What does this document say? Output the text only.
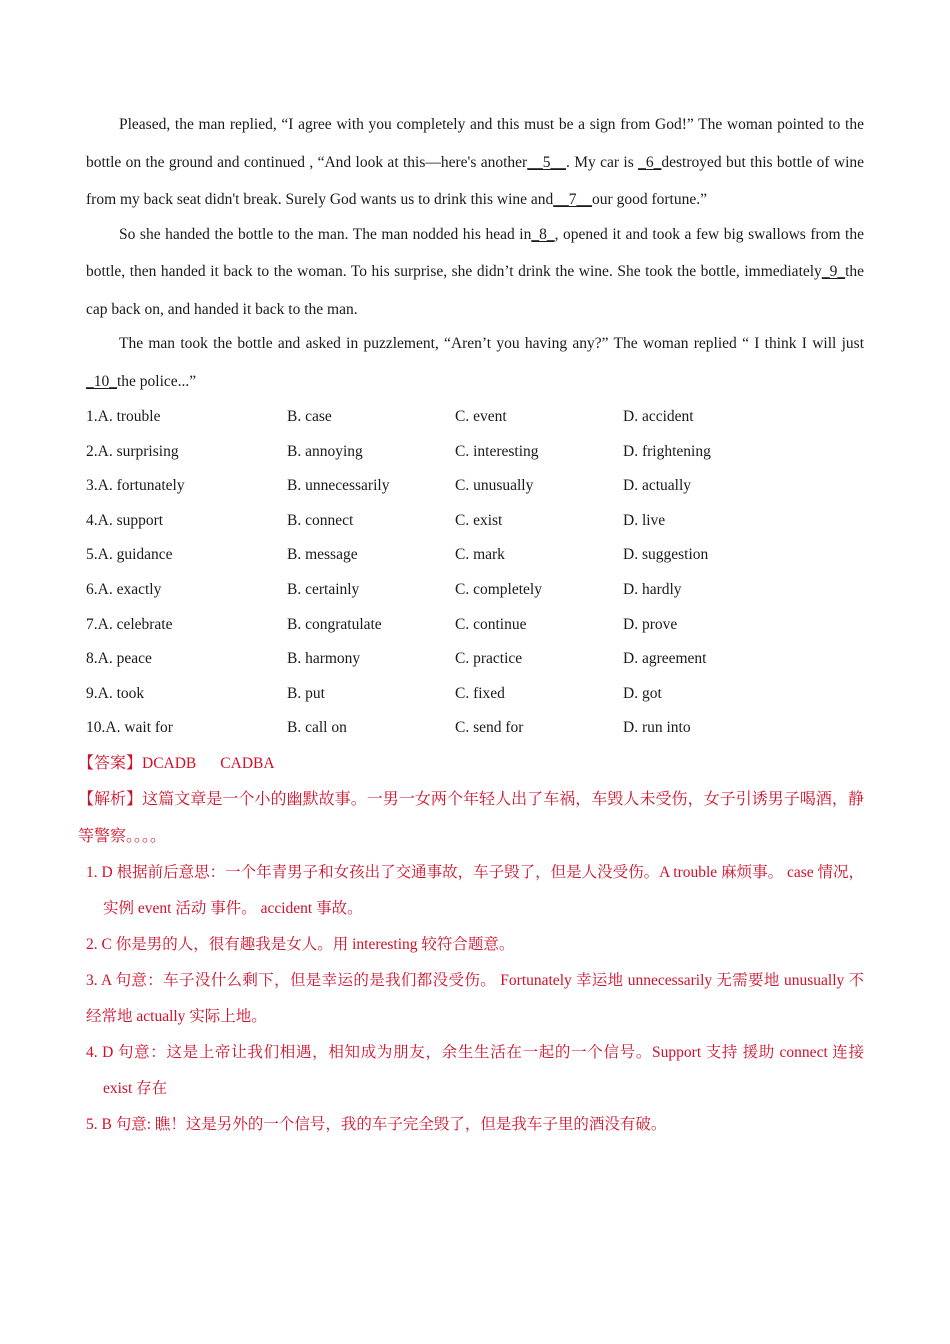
Pleased, the man replied, “I agree with you completely and this must be a sign from God!” The woman pointed to the bottle on the ground and continued , “And look at this—here's another__5__. My car is _6_destroyed but this bottle of wine from my back seat didn't break. Surely God wants us to drink this wine and__7__our good fortune.”

So she handed the bottle to the man. The man nodded his head in_8_, opened it and took a few big swallows from the bottle, then handed it back to the woman. To his surprise, she didn’t drink the wine. She took the bottle, immediately_9_the cap back on, and handed it back to the man.

The man took the bottle and asked in puzzlement, “Aren’t you having any?” The woman replied “ I think I will just _10_the police...”

1.A. trouble	B. case	C. event	D. accident
2.A. surprising	B. annoying	C. interesting	D. frightening
3.A. fortunately	B. unnecessarily	C. unusually	D. actually
4.A. support	B. connect	C. exist	D. live
5.A. guidance	B. message	C. mark	D. suggestion
6.A. exactly	B. certainly	C. completely	D. hardly
7.A. celebrate	B. congratulate	C. continue	D. prove
8.A. peace	B. harmony	C. practice	D. agreement
9.A. took	B. put	C. fixed	D. got
10.A. wait for	B. call on	C. send for	D. run into
【答案】DCADB CADBA

【解析】这篇文章是一个小的幽默故事。一男一女两个年轻人出了车祸，车毁人未受伤，女子引诱男子喝酒，静等警察。。。。

1. D 根据前后意思：一个年青男子和女孩出了交通事故，车子毁了，但是人没受伤。A trouble 麻烦事。 case 情况，实例 event 活动 事件。 accident 事故。

2. C 你是男的人，很有趣我是女人。用 interesting 较符合题意。

3. A 句意：车子没什么剩下，但是幸运的是我们都没受伤。 Fortunately 幸运地 unnecessarily 无需要地 unusually 不经常地 actually 实际上地。

4. D 句意：这是上帝让我们相遇，相知成为朋友，余生生活在一起的一个信号。Support 支持 援助 connect 连接 exist 存在

5. B 句意: 瞧！这是另外的一个信号，我的车子完全毁了，但是我车子里的酒没有破。
